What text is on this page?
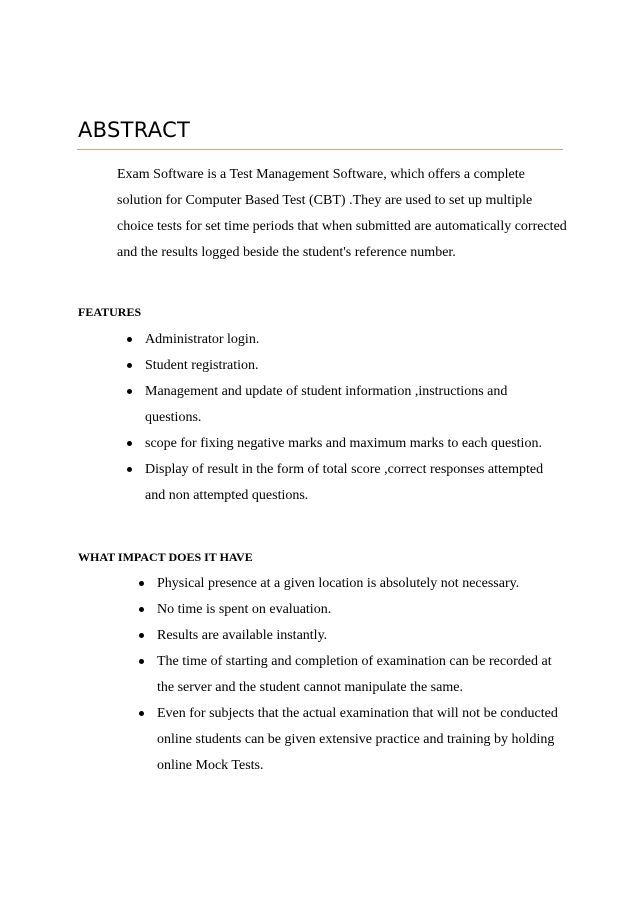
ABSTRACT

Exam Software is a Test Management Software, which offers a complete solution for Computer Based Test (CBT) .They are used to set up multiple choice tests for set time periods that when submitted are automatically corrected and the results logged beside the student's reference number.

FEATURES

Administrator login.
Student registration.
Management and update of student information ,instructions and questions.
scope for fixing negative marks and maximum marks to each question.
Display of result in the form of total score ,correct responses attempted and non attempted questions.

WHAT IMPACT DOES IT HAVE

Physical presence at a given location is absolutely not necessary.
No time is spent on evaluation.
Results are available instantly.
The time of starting and completion of examination can be recorded at the server and the student cannot manipulate the same.
Even for subjects that the actual examination that will not be conducted online students can be given extensive practice and training by holding online Mock Tests.
